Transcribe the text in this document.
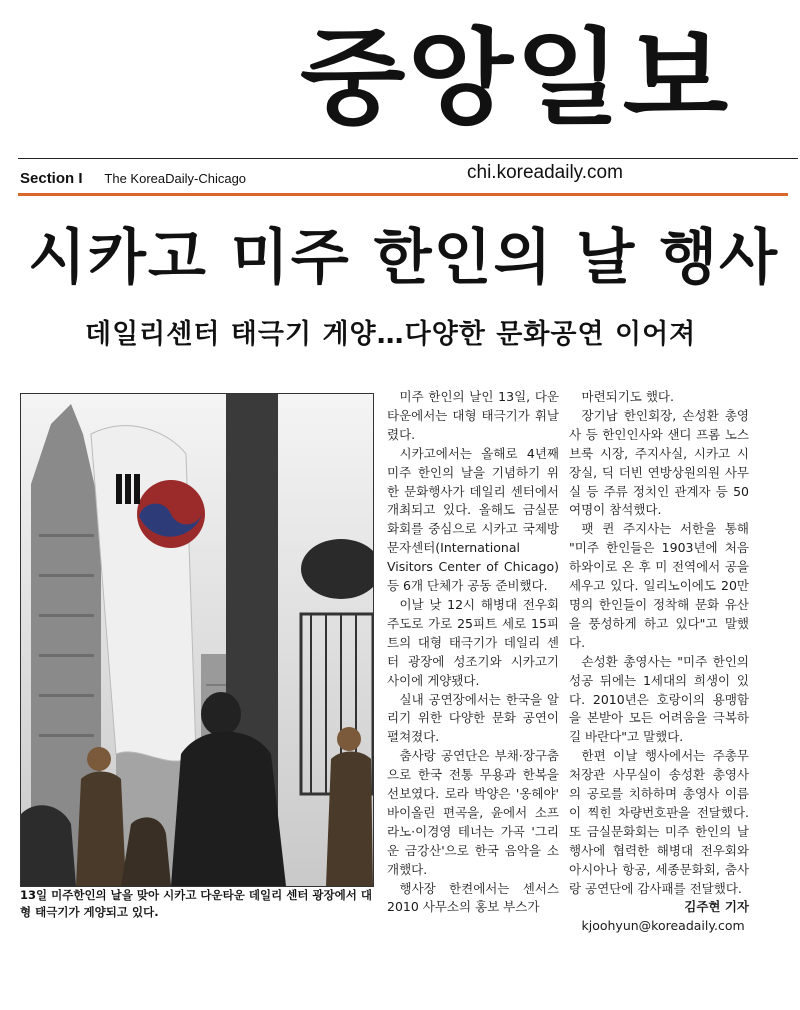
중앙일보
Section I The KoreaDaily-Chicago	chi.koreadaily.com
시카고 미주 한인의 날 행사
데일리센터 태극기 게양…다양한 문화공연 이어져
13일 미주한인의 날을 맞아 시카고 다운타운 데일리 센터 광장에서 대형 태극기가 게양되고 있다.

미주 한인의 날인 13일, 다운타운에서는 대형 태극기가 휘날렸다.

시카고에서는 올해로 4년째 미주 한인의 날을 기념하기 위한 문화행사가 데일리 센터에서 개최되고 있다. 올해도 금실문화회를 중심으로 시카고 국제방문자센터(International Visitors Center of Chicago) 등 6개 단체가 공동 준비했다.

이날 낮 12시 해병대 전우회 주도로 가로 25피트 세로 15피트의 대형 태극기가 데일리 센터 광장에 성조기와 시카고기 사이에 게양됐다.

실내 공연장에서는 한국을 알리기 위한 다양한 문화 공연이 펼쳐졌다.

춤사랑 공연단은 부채·장구춤으로 한국 전통 무용과 한복을 선보였다. 로라 박양은 '옹헤야' 바이올린 편곡을, 윤에서 소프라노·이경영 테너는 가곡 '그리운 금강산'으로 한국 음악을 소개했다.

행사장 한켠에서는 센서스 2010 사무소의 홍보 부스가

마련되기도 했다.

장기남 한인회장, 손성환 총영사 등 한인인사와 샌디 프롬 노스브룩 시장, 주지사실, 시카고 시장실, 딕 더빈 연방상원의원 사무실 등 주류 정치인 관계자 등 50여명이 참석했다.

팻 퀸 주지사는 서한을 통해 "미주 한인들은 1903년에 처음 하와이로 온 후 미 전역에서 공을 세우고 있다. 일리노이에도 20만명의 한인들이 정착해 문화 유산을 풍성하게 하고 있다"고 말했다.

손성환 총영사는 "미주 한인의 성공 뒤에는 1세대의 희생이 있다. 2010년은 호랑이의 용맹함을 본받아 모든 어려움을 극복하길 바란다"고 말했다.

한편 이날 행사에서는 주총무처장관 사무실이 송성환 총영사의 공로를 치하하며 총영사 이름이 찍힌 차량번호판을 전달했다. 또 금실문화회는 미주 한인의 날 행사에 협력한 해병대 전우회와 아시아나 항공, 세종문화회, 춤사랑 공연단에 감사패를 전달했다.

김주현 기자

kjoohyun@koreadaily.com
